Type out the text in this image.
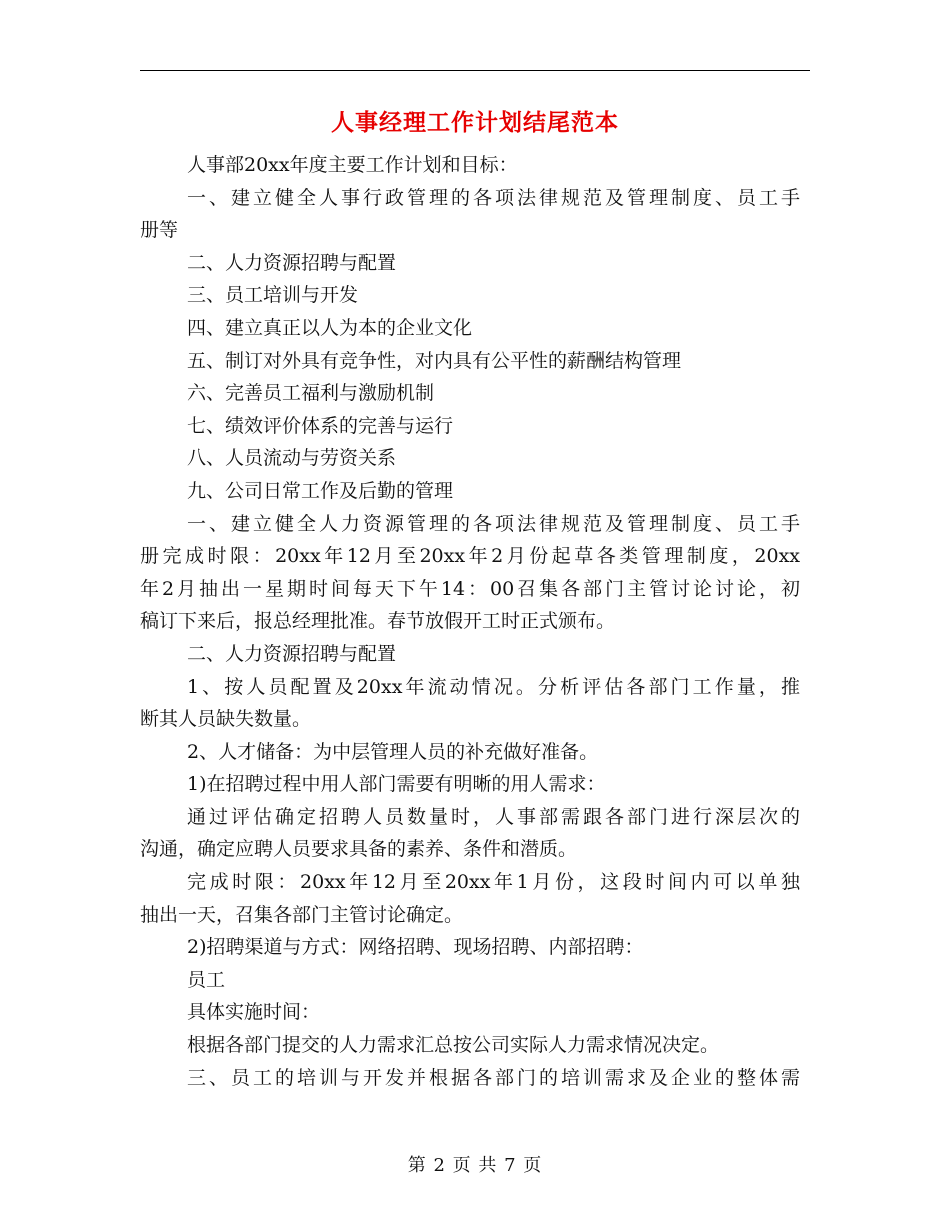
人事经理工作计划结尾范本
人事部20xx年度主要工作计划和目标：
一、建立健全人事行政管理的各项法律规范及管理制度、员工手
册等
二、人力资源招聘与配置
三、员工培训与开发
四、建立真正以人为本的企业文化
五、制订对外具有竞争性，对内具有公平性的薪酬结构管理
六、完善员工福利与激励机制
七、绩效评价体系的完善与运行
八、人员流动与劳资关系
九、公司日常工作及后勤的管理
一、建立健全人力资源管理的各项法律规范及管理制度、员工手
册完成时限：20xx年12月至20xx年2月份起草各类管理制度，20xx
年2月抽出一星期时间每天下午14：00召集各部门主管讨论讨论，初
稿订下来后，报总经理批准。春节放假开工时正式颁布。
二、人力资源招聘与配置
1、按人员配置及20xx年流动情况。分析评估各部门工作量，推
断其人员缺失数量。
2、人才储备：为中层管理人员的补充做好准备。
1)在招聘过程中用人部门需要有明晰的用人需求：
通过评估确定招聘人员数量时，人事部需跟各部门进行深层次的
沟通，确定应聘人员要求具备的素养、条件和潜质。
完成时限：20xx年12月至20xx年1月份，这段时间内可以单独
抽出一天，召集各部门主管讨论确定。
2)招聘渠道与方式：网络招聘、现场招聘、内部招聘：
员工
具体实施时间：
根据各部门提交的人力需求汇总按公司实际人力需求情况决定。
三、员工的培训与开发并根据各部门的培训需求及企业的整体需
第 2 页 共 7 页
